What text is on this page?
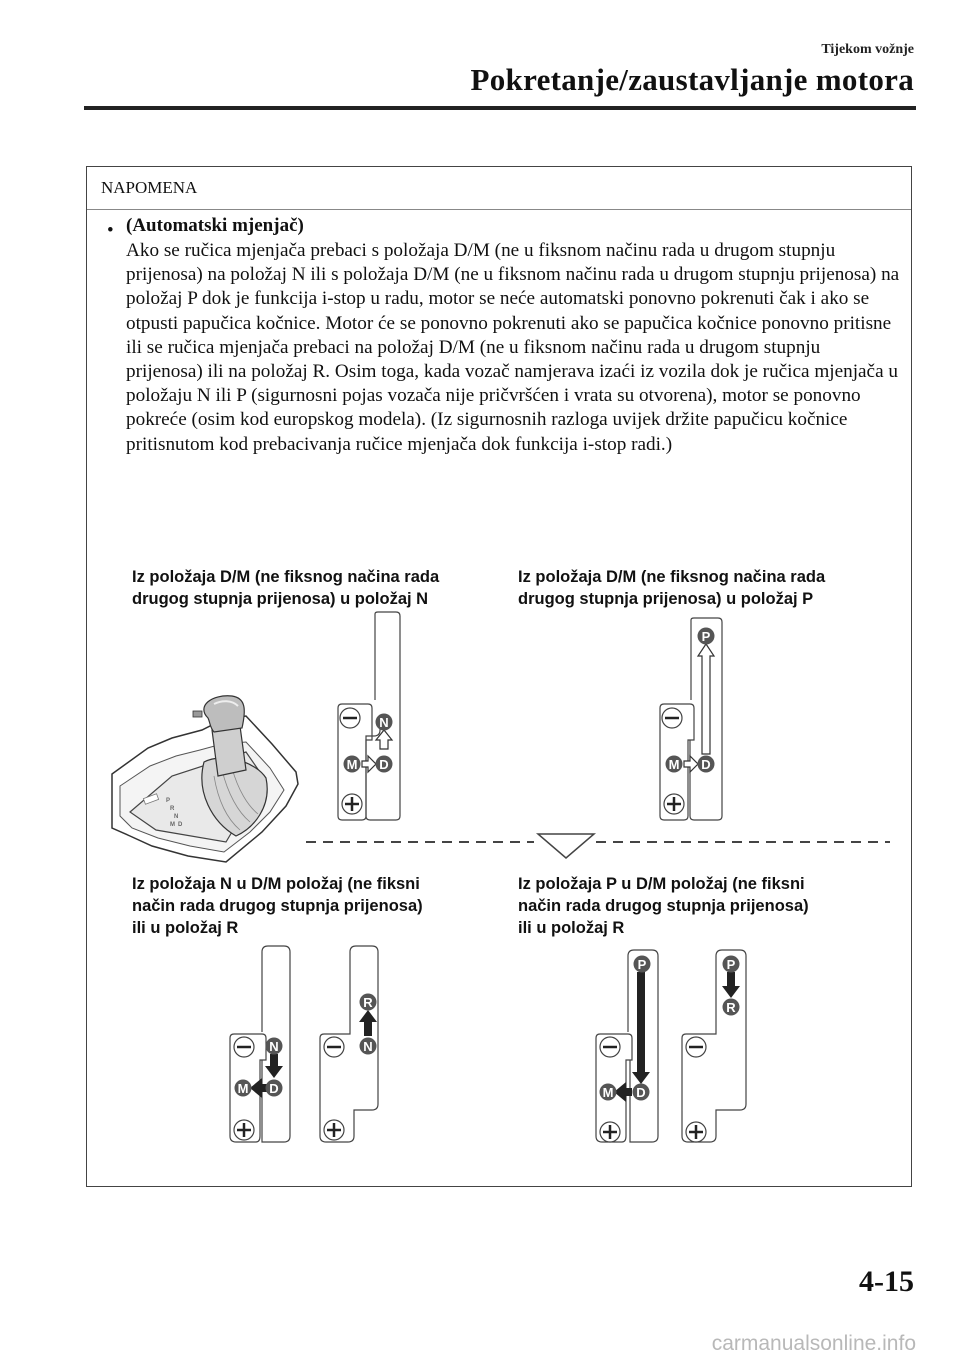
Tijekom vožnje
Pokretanje/zaustavljanje motora
NAPOMENA
• (Automatski mjenjač)
Ako se ručica mjenjača prebaci s položaja D/M (ne u fiksnom načinu rada u drugom stupnju prijenosa) na položaj N ili s položaja D/M (ne u fiksnom načinu rada u drugom stupnju prijenosa) na položaj P dok je funkcija i-stop u radu, motor se neće automatski ponovno pokrenuti čak i ako se otpusti papučica kočnice. Motor će se ponovno pokrenuti ako se papučica kočnice ponovno pritisne ili se ručica mjenjača prebaci na položaj D/M (ne u fiksnom načinu rada u drugom stupnju prijenosa) ili na položaj R. Osim toga, kada vozač namjerava izaći iz vozila dok je ručica mjenjača u položaju N ili P (sigurnosni pojas vozača nije pričvršćen i vrata su otvorena), motor se ponovno pokreće (osim kod europskog modela). (Iz sigurnosnih razloga uvijek držite papučicu kočnice pritisnutom kod prebacivanja ručice mjenjača dok funkcija i-stop radi.)
Iz položaja D/M (ne fiksnog načina rada
drugog stupnja prijenosa) u položaj N
Iz položaja D/M (ne fiksnog načina rada
drugog stupnja prijenosa) u položaj P
Iz položaja N u D/M položaj (ne fiksni
način rada drugog stupnja prijenosa)
ili u položaj R
Iz položaja P u D/M položaj (ne fiksni
način rada drugog stupnja prijenosa)
ili u položaj R
P
R
N
D
M
N
M D
P
M D
N
M D
R
N
P
M D
P
R
4-15
carmanualsonline.info
